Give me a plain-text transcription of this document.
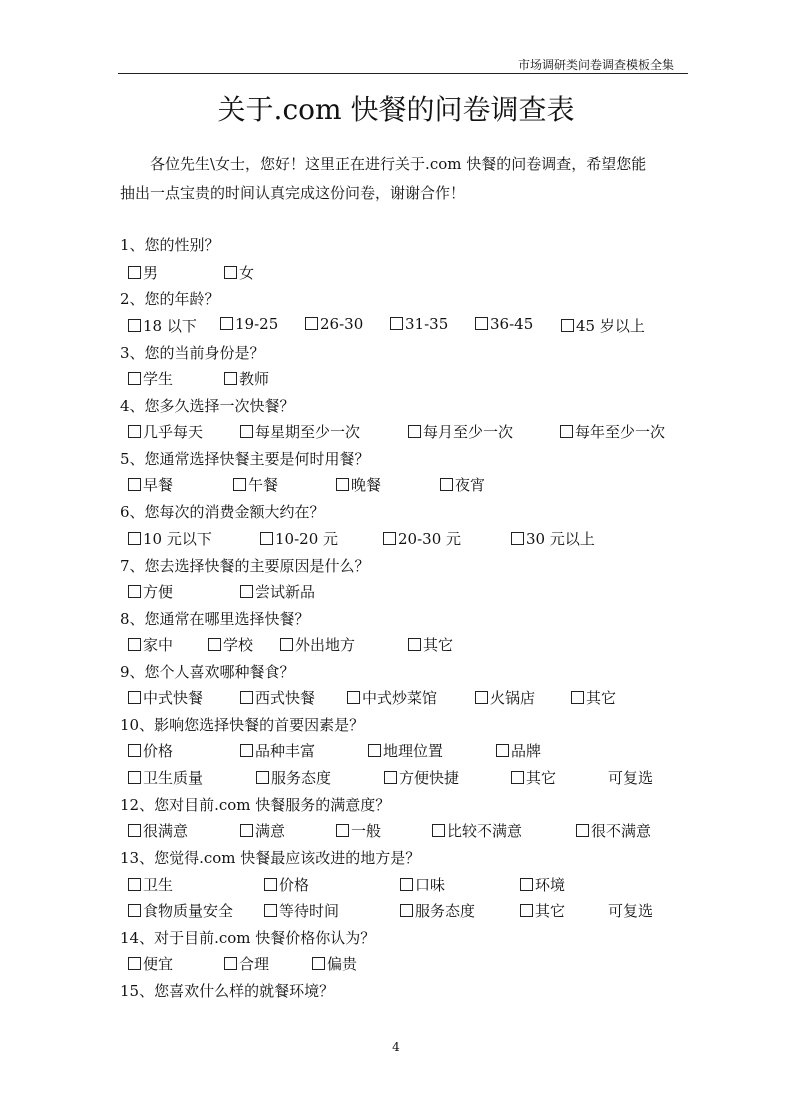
市场调研类问卷调查模板全集
关于.com 快餐的问卷调查表
各位先生\女士，您好！这里正在进行关于.com 快餐的问卷调查，希望您能
抽出一点宝贵的时间认真完成这份问卷，谢谢合作！
1、您的性别？
男	女
2、您的年龄？
18 以下	19-25	26-30	31-35	36-45	45 岁以上
3、您的当前身份是？
学生	教师
4、您多久选择一次快餐？
几乎每天	每星期至少一次	每月至少一次	每年至少一次
5、您通常选择快餐主要是何时用餐？
早餐	午餐	晚餐	夜宵
6、您每次的消费金额大约在？
10 元以下	10-20 元	20-30 元	30 元以上
7、您去选择快餐的主要原因是什么？
方便	尝试新品
8、您通常在哪里选择快餐？
家中	学校	外出地方	其它
9、您个人喜欢哪种餐食？
中式快餐	西式快餐	中式炒菜馆	火锅店	其它
10、影响您选择快餐的首要因素是？
价格	品种丰富	地理位置	品牌
卫生质量	服务态度	方便快捷	其它	可复选
12、您对目前.com 快餐服务的满意度？
很满意	满意	一般	比较不满意	很不满意
13、您觉得.com 快餐最应该改进的地方是？
卫生	价格	口味	环境
食物质量安全	等待时间	服务态度	其它	可复选
14、对于目前.com 快餐价格你认为？
便宜	合理	偏贵
15、您喜欢什么样的就餐环境？
4
